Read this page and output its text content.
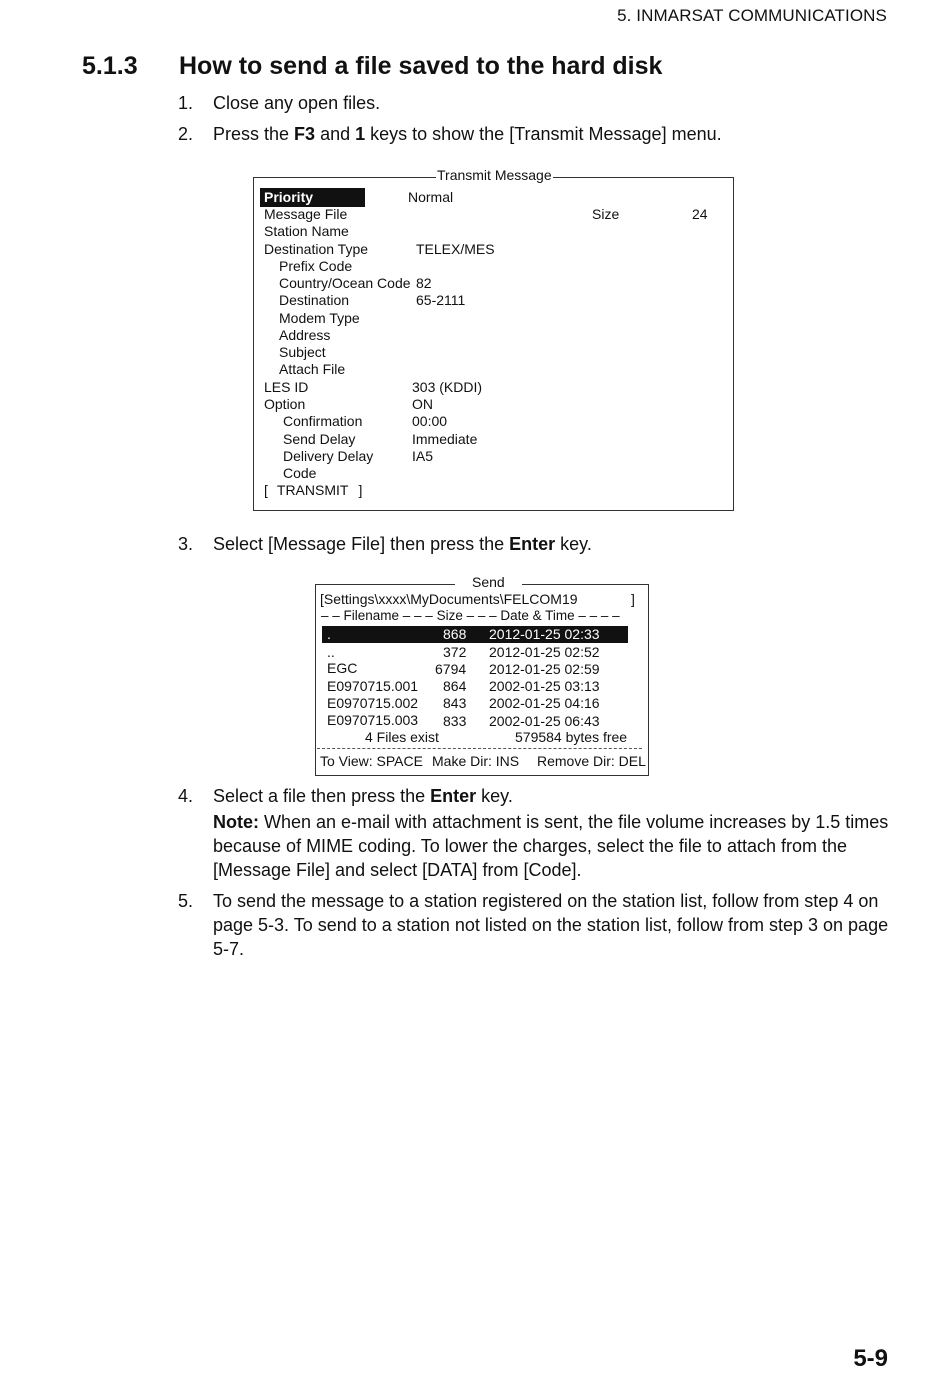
5. INMARSAT COMMUNICATIONS
5.1.3 How to send a file saved to the hard disk
1. Close any open files.
2. Press the F3 and 1 keys to show the [Transmit Message] menu.
Transmit Message
Priority	Normal
Message File	Size	24
Station Name
Destination Type	TELEX/MES
Prefix Code
Country/Ocean Code 82
Destination	65-2111
Modem Type
Address
Subject
Attach File
LES ID	303 (KDDI)
Option	ON
Confirmation	00:00
Send Delay	Immediate
Delivery Delay	IA5
Code
[ TRANSMIT ]
3. Select [Message File] then press the Enter key.
Send
[Settings\xxxx\MyDocuments\FELCOM19	]
– – Filename – – – Size – – – Date & Time – – – –
.	868 2012-01-25 02:33
..	372 2012-01-25 02:52
EGC	6794 2012-01-25 02:59
E0970715.001 864 2002-01-25 03:13
E0970715.002 843 2002-01-25 04:16
E0970715.003 833 2002-01-25 06:43
4 Files exist	579584 bytes free
To View: SPACE Make Dir: INS Remove Dir: DEL
4. Select a file then press the Enter key.
Note: When an e-mail with attachment is sent, the file volume increases by 1.5 times because of MIME coding. To lower the charges, select the file to attach from the [Message File] and select [DATA] from [Code].
5. To send the message to a station registered on the station list, follow from step 4 on page 5-3. To send to a station not listed on the station list, follow from step 3 on page 5-7.
5-9
